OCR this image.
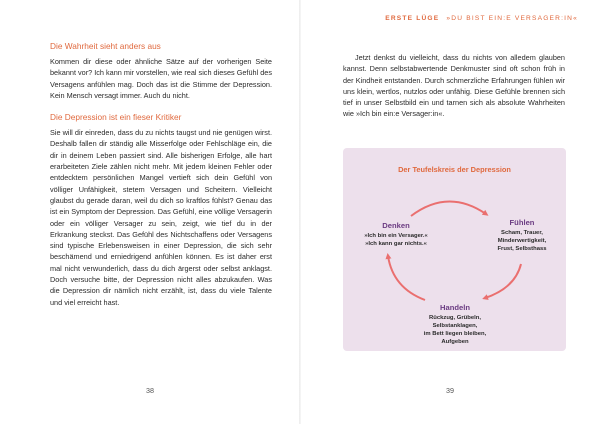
Die Wahrheit sieht anders aus

Kommen dir diese oder ähnliche Sätze auf der vorherigen Seite bekannt vor? Ich kann mir vorstellen, wie real sich dieses Gefühl des Versagens anfühlen mag. Doch das ist die Stimme der Depression. Kein Mensch versagt immer. Auch du nicht.

Die Depression ist ein fieser Kritiker

Sie will dir einreden, dass du zu nichts taugst und nie genügen wirst. Deshalb fallen dir ständig alle Misserfolge oder Fehlschläge ein, die dir in deinem Leben passiert sind. Alle bisherigen Erfolge, alle hart erarbeiteten Ziele zählen nicht mehr. Mit jedem kleinen Fehler oder entdecktem persönlichen Mangel vertieft sich dein Gefühl von völliger Unfähigkeit, stetem Versagen und Scheitern. Vielleicht glaubst du gerade daran, weil du dich so kraftlos fühlst? Genau das ist ein Symptom der Depression. Das Gefühl, eine völlige Versagerin oder ein völliger Versager zu sein, zeigt, wie tief du in der Erkrankung steckst. Das Gefühl des Nichtschaffens oder Versagens sind typische Erlebensweisen in einer Depression, die sich sehr beschämend und erniedrigend anfühlen können. Es ist daher erst mal nicht verwunderlich, dass du dich ärgerst oder selbst anklagst. Doch versuche bitte, der Depression nicht alles abzukaufen. Was die Depression dir nämlich nicht erzählt, ist, dass du viele Talente und viel erreicht hast.

38
ERSTE LÜGE »DU BIST EIN:E VERSAGER:IN«

Jetzt denkst du vielleicht, dass du nichts von alledem glauben kannst. Denn selbstabwertende Denkmuster sind oft schon früh in der Kindheit entstanden. Durch schmerzliche Erfahrungen fühlen wir uns klein, wertlos, nutzlos oder unfähig. Diese Gefühle brennen sich tief in unser Selbstbild ein und tarnen sich als absolute Wahrheiten wie »Ich bin ein:e Versager:in«.

Der Teufelskreis der Depression
Denken
»Ich bin ein Versager.«
»Ich kann gar nichts.«
Fühlen
Scham, Trauer,
Minderwertigkeit,
Frust, Selbsthass
Handeln
Rückzug, Grübeln,
Selbstanklagen,
im Bett liegen bleiben,
Aufgeben
39
